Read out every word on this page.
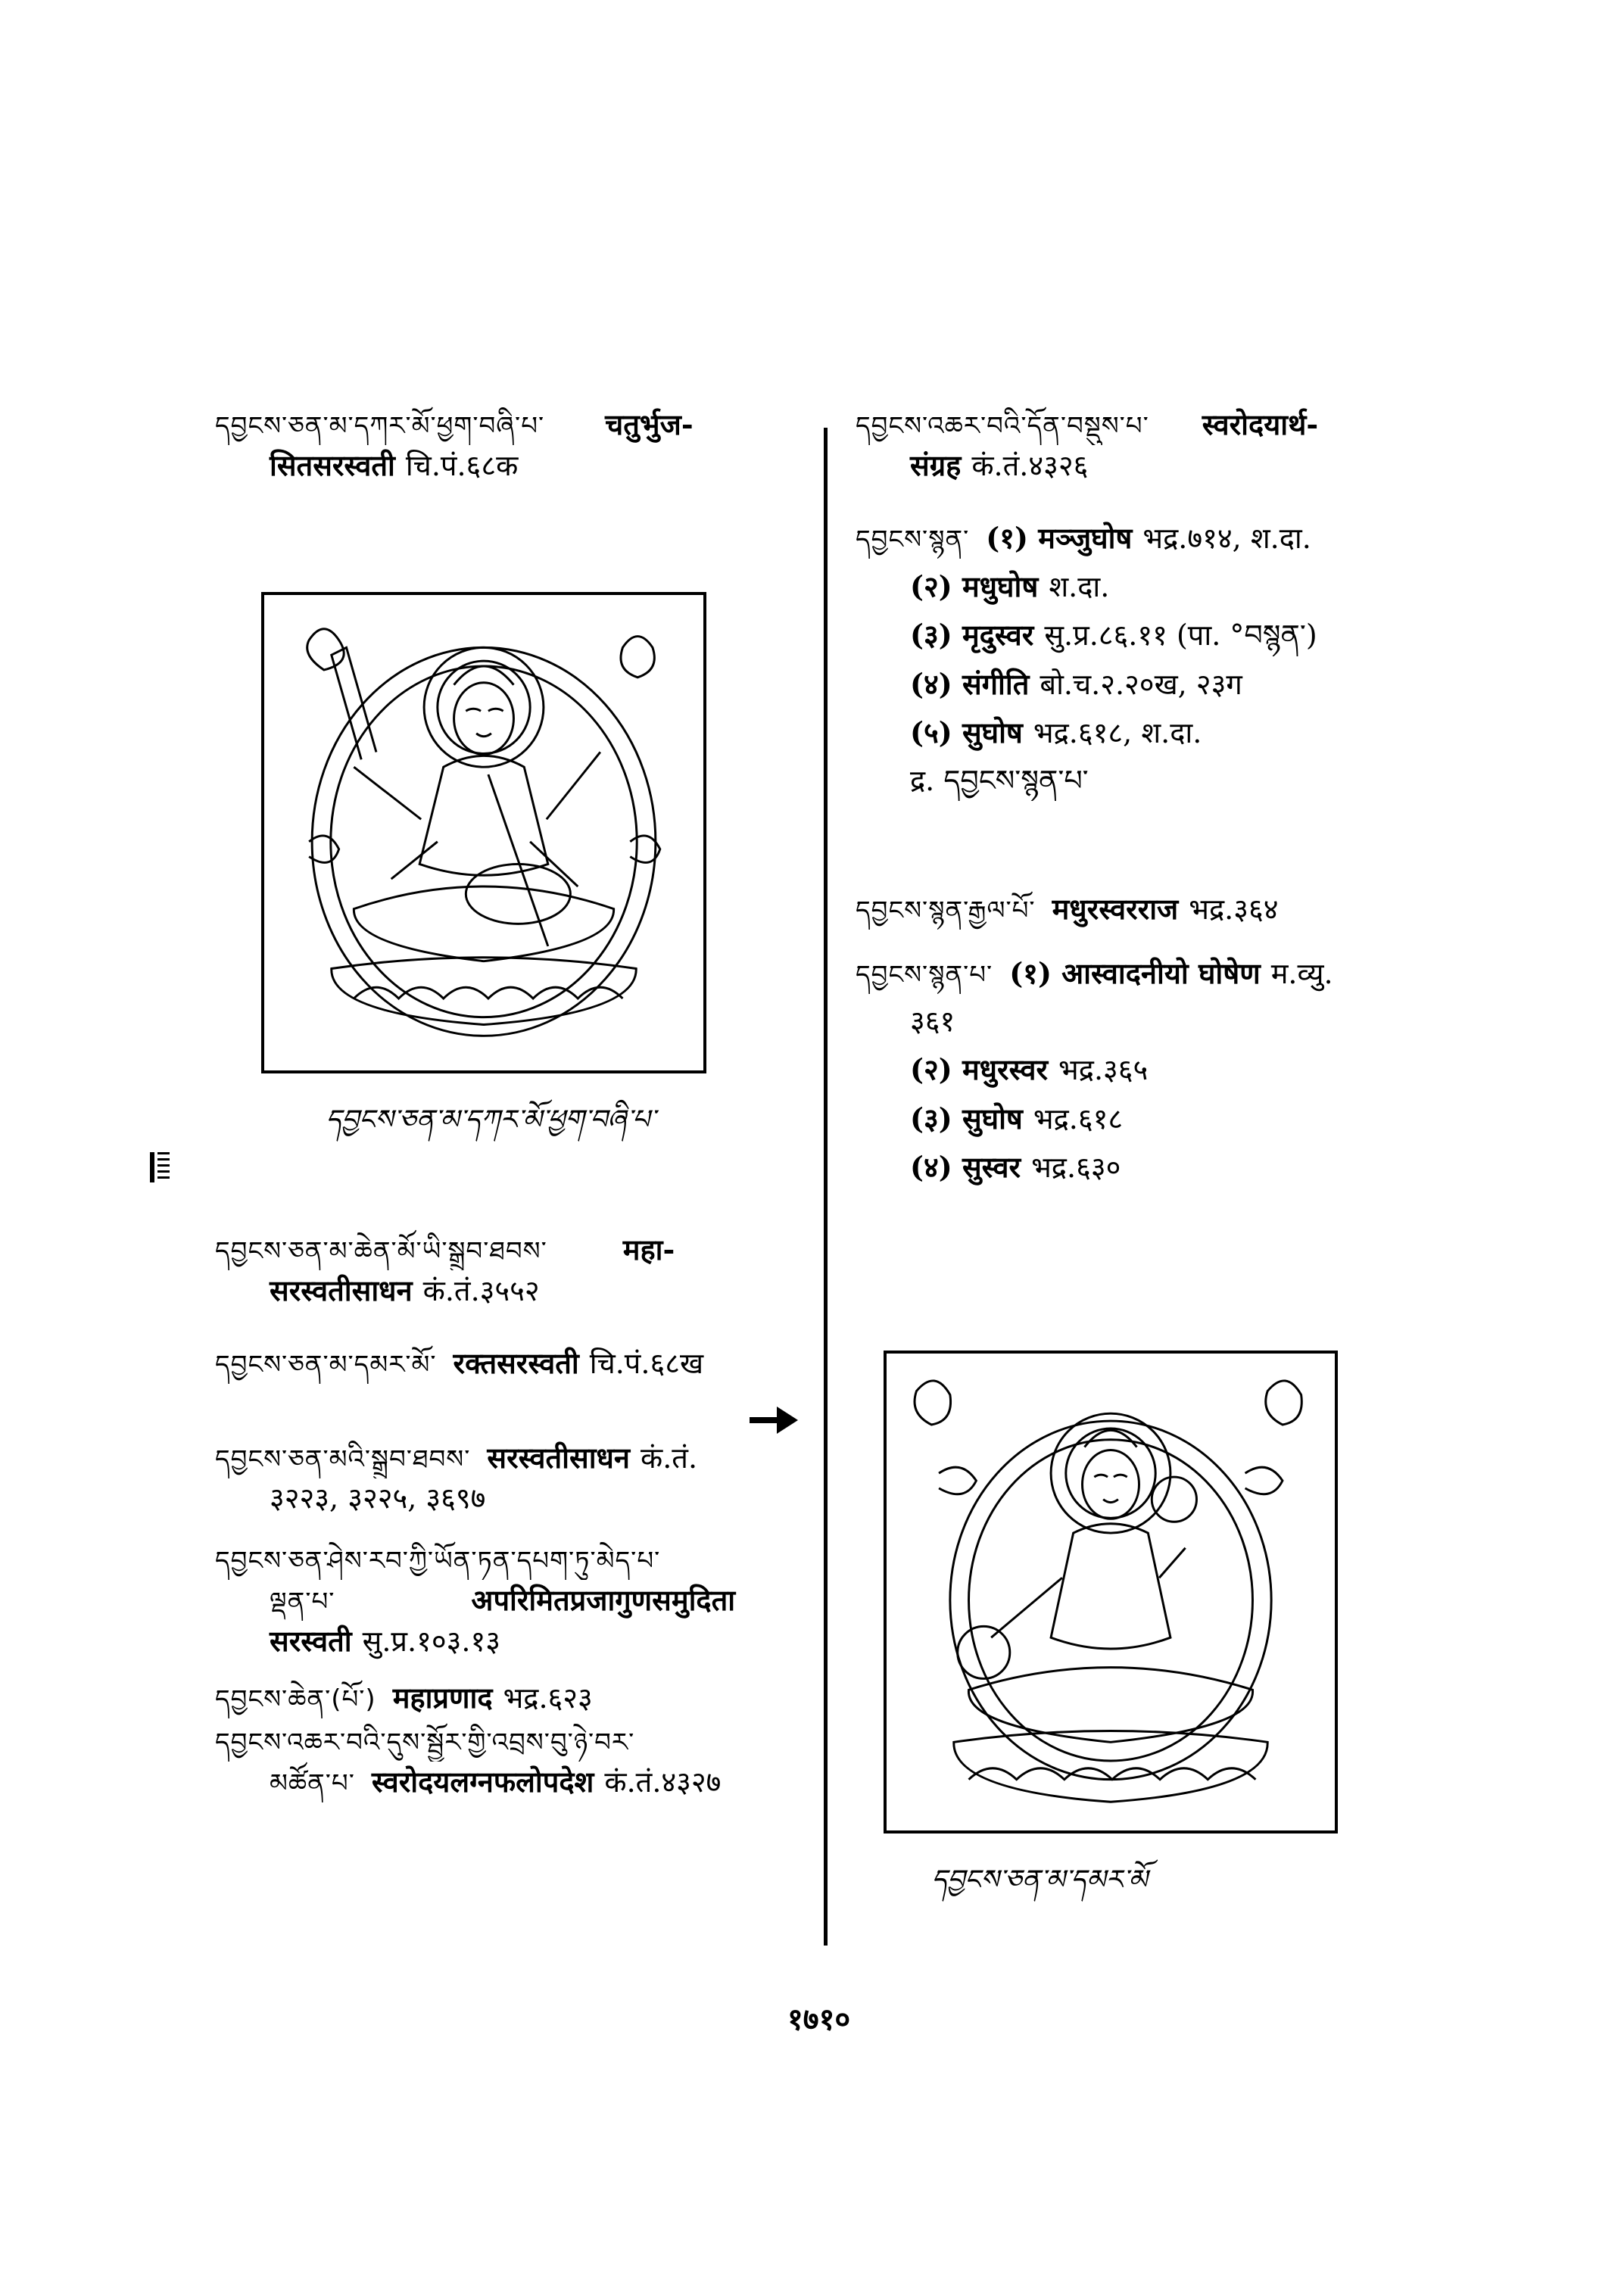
དབྱངས་ཅན་མ་དཀར་མོ་ཕྱག་བཞི་པ་ चतुर्भुज-
सितसरस्वती चि.पं.६८क
དབྱངས་ཅན་མ་ཆེན་མོ་ཡི་སྒྲུབ་ཐབས་	महा-
सरस्वतीसाधन कं.तं.३५५२
དབྱངས་ཅན་མ་དམར་མོ་ रक्तसरस्वती चि.पं.६८ख
དབྱངས་ཅན་མའི་སྒྲུབ་ཐབས་ सरस्वतीसाधन कं.तं.
३२२३, ३२२५, ३६९७
དབྱངས་ཅན་ཤེས་རབ་ཀྱི་ཡོན་ཏན་དཔག་ཏུ་མེད་པ་
ལྡན་པ་	अपरिमितप्रजागुणसमुदिता
सरस्वती सु.प्र.१०३.१३
དབྱངས་ཆེན་(པོ་) महाप्रणाद भद्र.६२३
དབྱངས་འཆར་བའི་དུས་སྦྱོར་གྱི་འབྲས་བུ་ཉེ་བར་
མཚོན་པ་ स्वरोदयलग्नफलोपदेश कं.तं.४३२७
དབྱངས་འཆར་བའི་དོན་བསྡུས་པ་ स्वरोदयार्थ-
संग्रह कं.तं.४३२६
དབྱངས་སྙན་ (१) मञ्जुघोष भद्र.७१४, श.दा.
(२) मधुघोष श.दा.
(३) मृदुस्वर सु.प्र.८६.११ (पा. °བསྙན་)
(४) संगीति बो.च.२.२०ख, २३ग
(५) सुघोष भद्र.६१८, श.दा.
द्र. དབྱངས་སྙན་པ་
དབྱངས་སྙན་རྒྱལ་པོ་ मधुरस्वरराज भद्र.३६४
དབྱངས་སྙན་པ་ (१) आस्वादनीयो घोषेण म.व्यु.
३६१
(२) मधुरस्वर भद्र.३६५
(३) सुघोष भद्र.६१८
(४) सुस्वर भद्र.६३०
དབྱངས་ཅན་མ་དཀར་མོ་ཕྱག་བཞི་པ་
དབྱངས་ཅན་མ་དམར་མོ
१७१०
